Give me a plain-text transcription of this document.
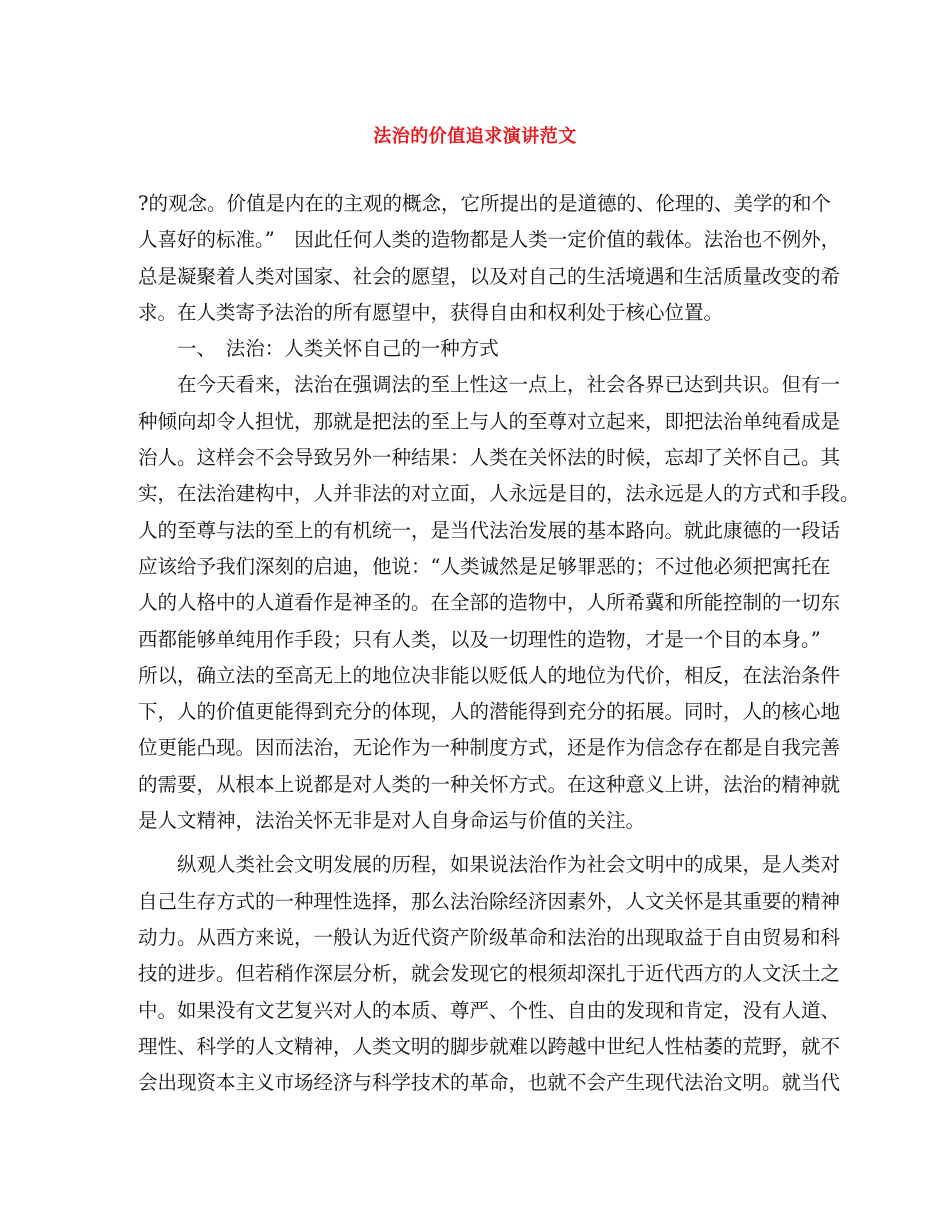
法治的价值追求演讲范文
?的观念。价值是内在的主观的概念，它所提出的是道德的、伦理的、美学的和个
人喜好的标准。”　因此任何人类的造物都是人类一定价值的载体。法治也不例外，
总是凝聚着人类对国家、社会的愿望，以及对自己的生活境遇和生活质量改变的希
求。在人类寄予法治的所有愿望中，获得自由和权利处于核心位置。
一、　法治：人类关怀自己的一种方式
在今天看来，法治在强调法的至上性这一点上，社会各界已达到共识。但有一
种倾向却令人担忧，那就是把法的至上与人的至尊对立起来，即把法治单纯看成是
治人。这样会不会导致另外一种结果：人类在关怀法的时候，忘却了关怀自己。其
实，在法治建构中，人并非法的对立面，人永远是目的，法永远是人的方式和手段。
人的至尊与法的至上的有机统一，是当代法治发展的基本路向。就此康德的一段话
应该给予我们深刻的启迪，他说：“人类诚然是足够罪恶的；不过他必须把寓托在
人的人格中的人道看作是神圣的。在全部的造物中，人所希冀和所能控制的一切东
西都能够单纯用作手段；只有人类，以及一切理性的造物，才是一个目的本身。”
所以，确立法的至高无上的地位决非能以贬低人的地位为代价，相反，在法治条件
下，人的价值更能得到充分的体现，人的潜能得到充分的拓展。同时，人的核心地
位更能凸现。因而法治，无论作为一种制度方式，还是作为信念存在都是自我完善
的需要，从根本上说都是对人类的一种关怀方式。在这种意义上讲，法治的精神就
是人文精神，法治关怀无非是对人自身命运与价值的关注。
纵观人类社会文明发展的历程，如果说法治作为社会文明中的成果，是人类对
自己生存方式的一种理性选择，那么法治除经济因素外，人文关怀是其重要的精神
动力。从西方来说，一般认为近代资产阶级革命和法治的出现取益于自由贸易和科
技的进步。但若稍作深层分析，就会发现它的根须却深扎于近代西方的人文沃土之
中。如果没有文艺复兴对人的本质、尊严、个性、自由的发现和肯定，没有人道、
理性、科学的人文精神，人类文明的脚步就难以跨越中世纪人性枯萎的荒野，就不
会出现资本主义市场经济与科学技术的革命，也就不会产生现代法治文明。就当代
